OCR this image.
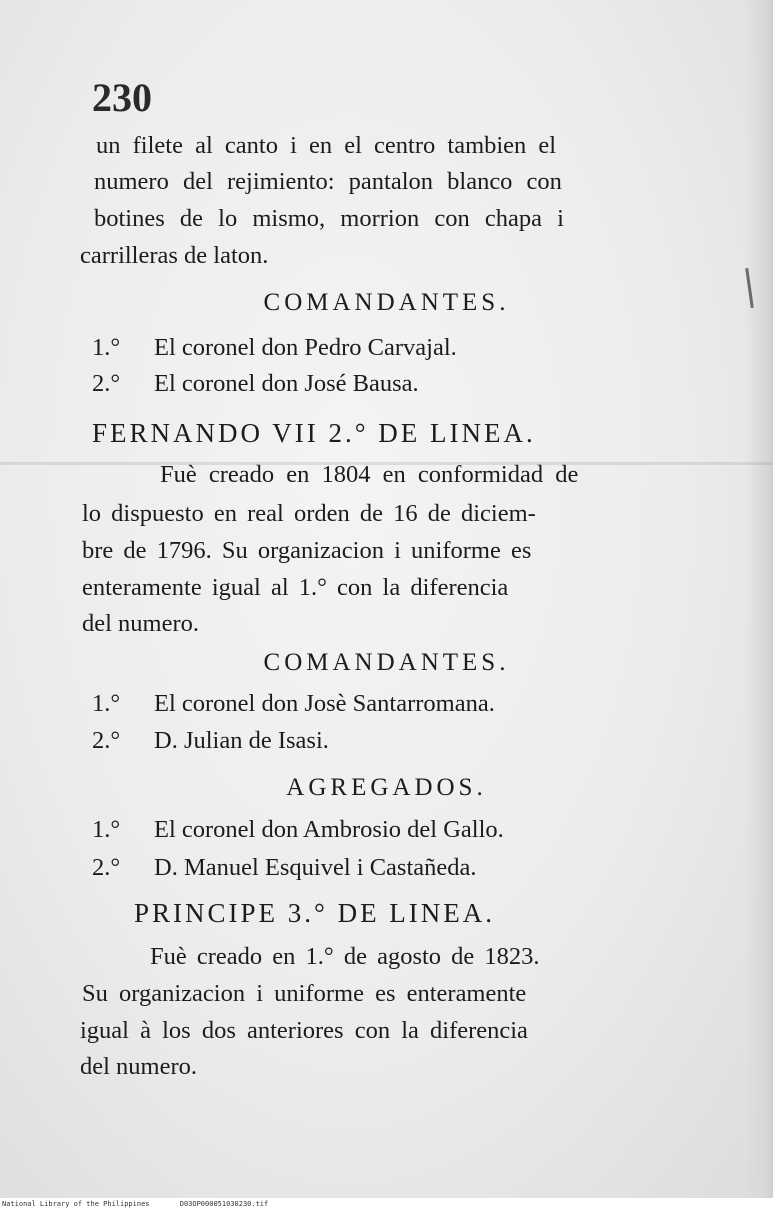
230
un filete al canto i en el centro tambien el
numero del rejimiento: pantalon blanco con
botines de lo mismo, morrion con chapa i
carrilleras de laton.
COMANDANTES.
1.° El coronel don Pedro Carvajal.
2.° El coronel don José Bausa.
FERNANDO VII 2.° DE LINEA.
Fuè creado en 1804 en conformidad de
lo dispuesto en real orden de 16 de diciem-
bre de 1796. Su organizacion i uniforme es
enteramente igual al 1.° con la diferencia
del numero.
COMANDANTES.
1.° El coronel don Josè Santarromana.
2.° D. Julian de Isasi.
AGREGADOS.
1.° El coronel don Ambrosio del Gallo.
2.° D. Manuel Esquivel i Castañeda.
PRINCIPE 3.° DE LINEA.
Fuè creado en 1.° de agosto de 1823.
Su organizacion i uniforme es enteramente
igual à los dos anteriores con la diferencia
del numero.
National Library of the Philippines	D03OP000051030230.tif
